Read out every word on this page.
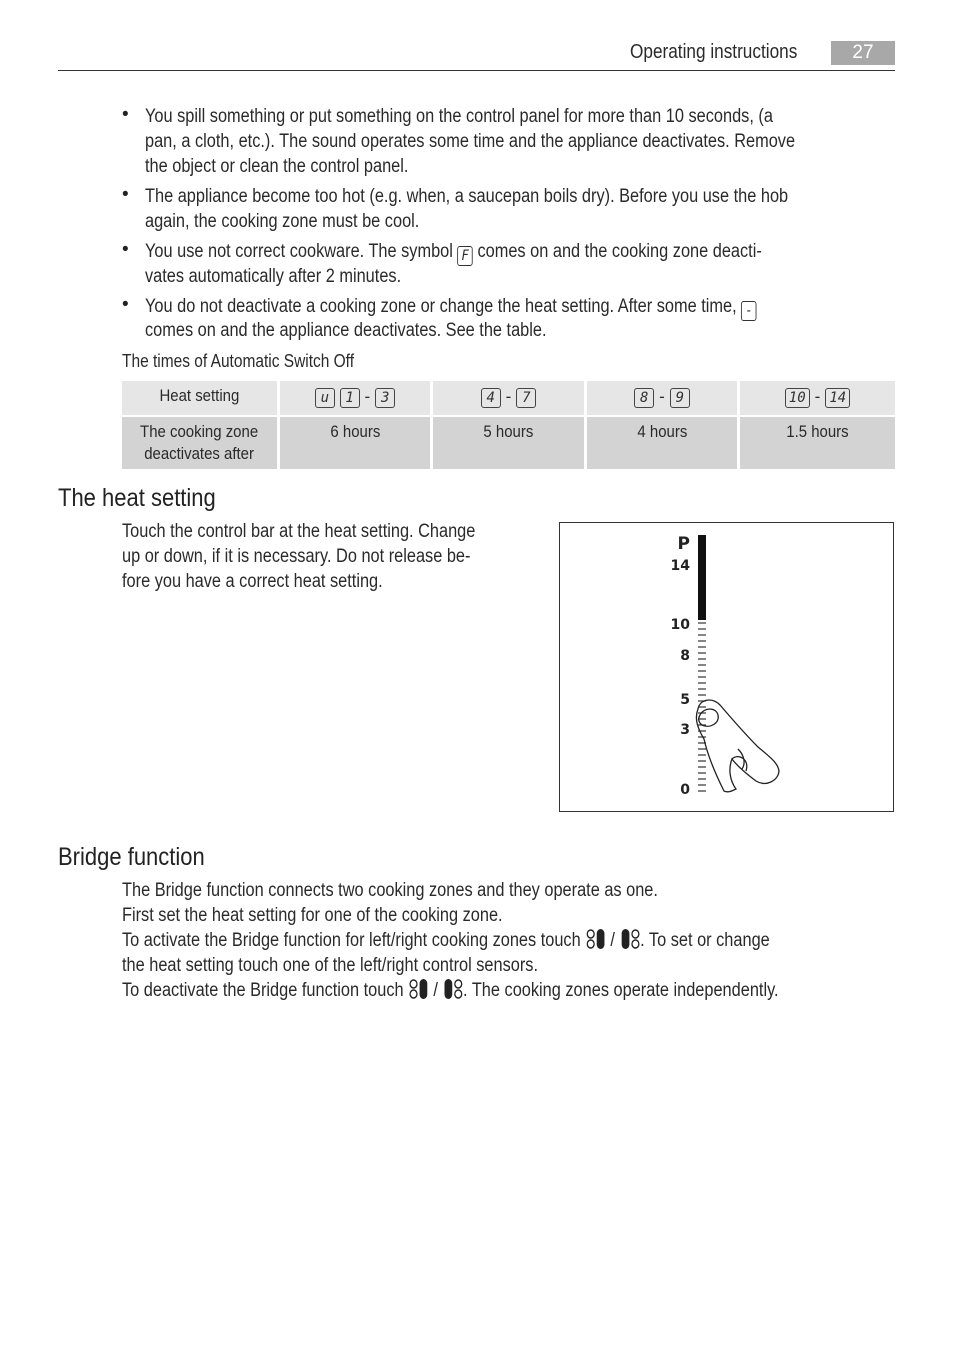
Operating instructions	27
• You spill something or put something on the control panel for more than 10 seconds, (a
pan, a cloth, etc.). The sound operates some time and the appliance deactivates. Remove
the object or clean the control panel.
• The appliance become too hot (e.g. when, a saucepan boils dry). Before you use the hob
again, the cooking zone must be cool.
• You use not correct cookware. The symbol F comes on and the cooking zone deacti-
vates automatically after 2 minutes.
• You do not deactivate a cooking zone or change the heat setting. After some time, -
comes on and the appliance deactivates. See the table.
The times of Automatic Switch Off
Heat setting	u 1 - 3	4 - 7	8 - 9	10 - 14

The cooking zone
deactivates after	6 hours	5 hours	4 hours	1.5 hours
The heat setting
Touch the control bar at the heat setting. Change
up or down, if it is necessary. Do not release be-
fore you have a correct heat setting.
P
14
10
8
5
3
0
Bridge function
The Bridge function connects two cooking zones and they operate as one.
First set the heat setting for one of the cooking zone.
To activate the Bridge function for left/right cooking zones touch / . To set or change
the heat setting touch one of the left/right control sensors.
To deactivate the Bridge function touch / . The cooking zones operate independently.
